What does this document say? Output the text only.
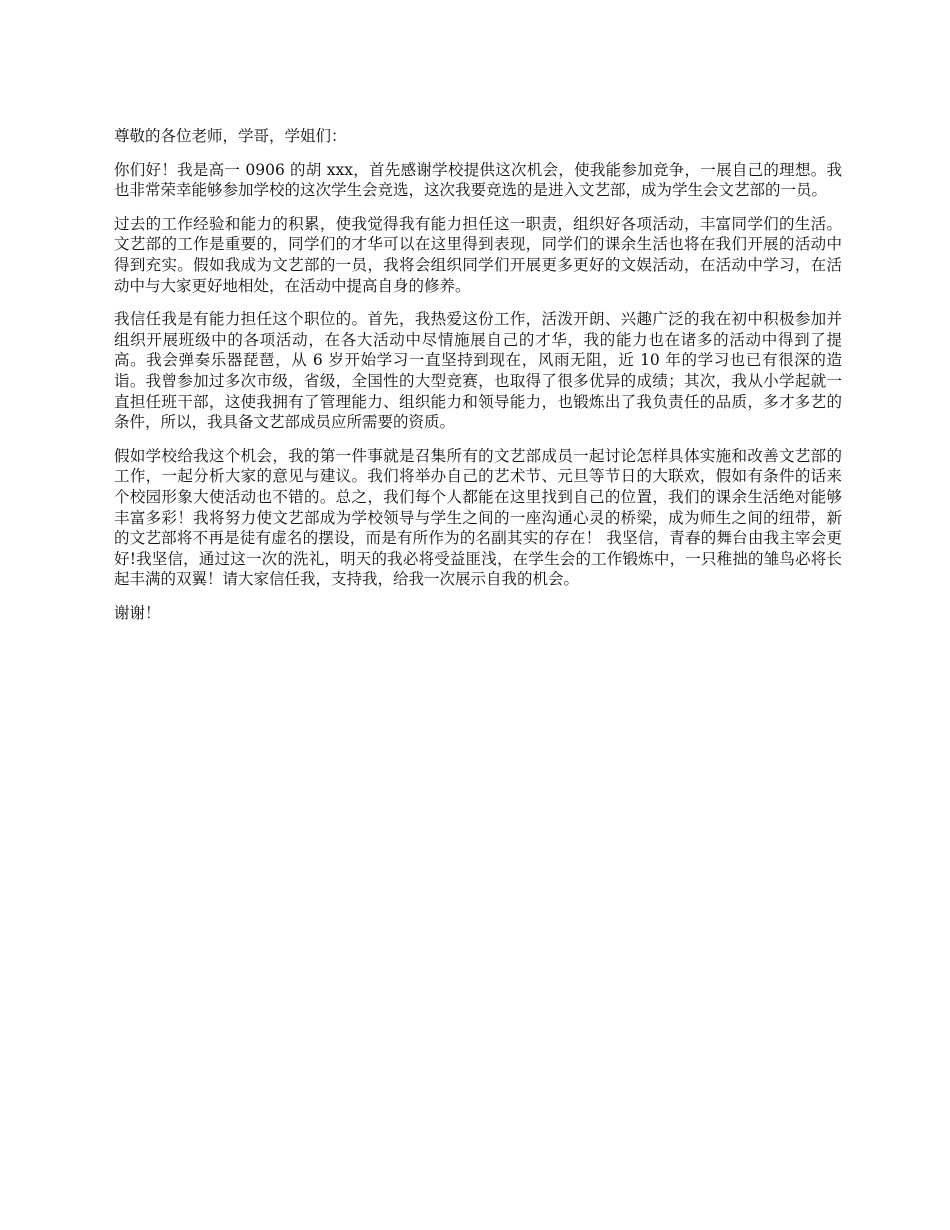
尊敬的各位老师，学哥，学姐们：

你们好！我是高一 0906 的胡 xxx，首先感谢学校提供这次机会，使我能参加竞争，一展自己的理想。我也非常荣幸能够参加学校的这次学生会竞选，这次我要竞选的是进入文艺部，成为学生会文艺部的一员。

过去的工作经验和能力的积累，使我觉得我有能力担任这一职责，组织好各项活动，丰富同学们的生活。文艺部的工作是重要的，同学们的才华可以在这里得到表现，同学们的课余生活也将在我们开展的活动中得到充实。假如我成为文艺部的一员，我将会组织同学们开展更多更好的文娱活动，在活动中学习，在活动中与大家更好地相处，在活动中提高自身的修养。

我信任我是有能力担任这个职位的。首先，我热爱这份工作，活泼开朗、兴趣广泛的我在初中积极参加并组织开展班级中的各项活动，在各大活动中尽情施展自己的才华，我的能力也在诸多的活动中得到了提高。我会弹奏乐器琵琶，从 6 岁开始学习一直坚持到现在，风雨无阻，近 10 年的学习也已有很深的造诣。我曾参加过多次市级，省级，全国性的大型竞赛，也取得了很多优异的成绩；其次，我从小学起就一直担任班干部，这使我拥有了管理能力、组织能力和领导能力，也锻炼出了我负责任的品质，多才多艺的条件，所以，我具备文艺部成员应所需要的资质。

假如学校给我这个机会，我的第一件事就是召集所有的文艺部成员一起讨论怎样具体实施和改善文艺部的工作，一起分析大家的意见与建议。我们将举办自己的艺术节、元旦等节日的大联欢，假如有条件的话来个校园形象大使活动也不错的。总之，我们每个人都能在这里找到自己的位置，我们的课余生活绝对能够丰富多彩！我将努力使文艺部成为学校领导与学生之间的一座沟通心灵的桥梁，成为师生之间的纽带，新的文艺部将不再是徒有虚名的摆设，而是有所作为的名副其实的存在！ 我坚信，青春的舞台由我主宰会更好!我坚信，通过这一次的洗礼，明天的我必将受益匪浅，在学生会的工作锻炼中，一只稚拙的雏鸟必将长起丰满的双翼！请大家信任我，支持我，给我一次展示自我的机会。

谢谢！
